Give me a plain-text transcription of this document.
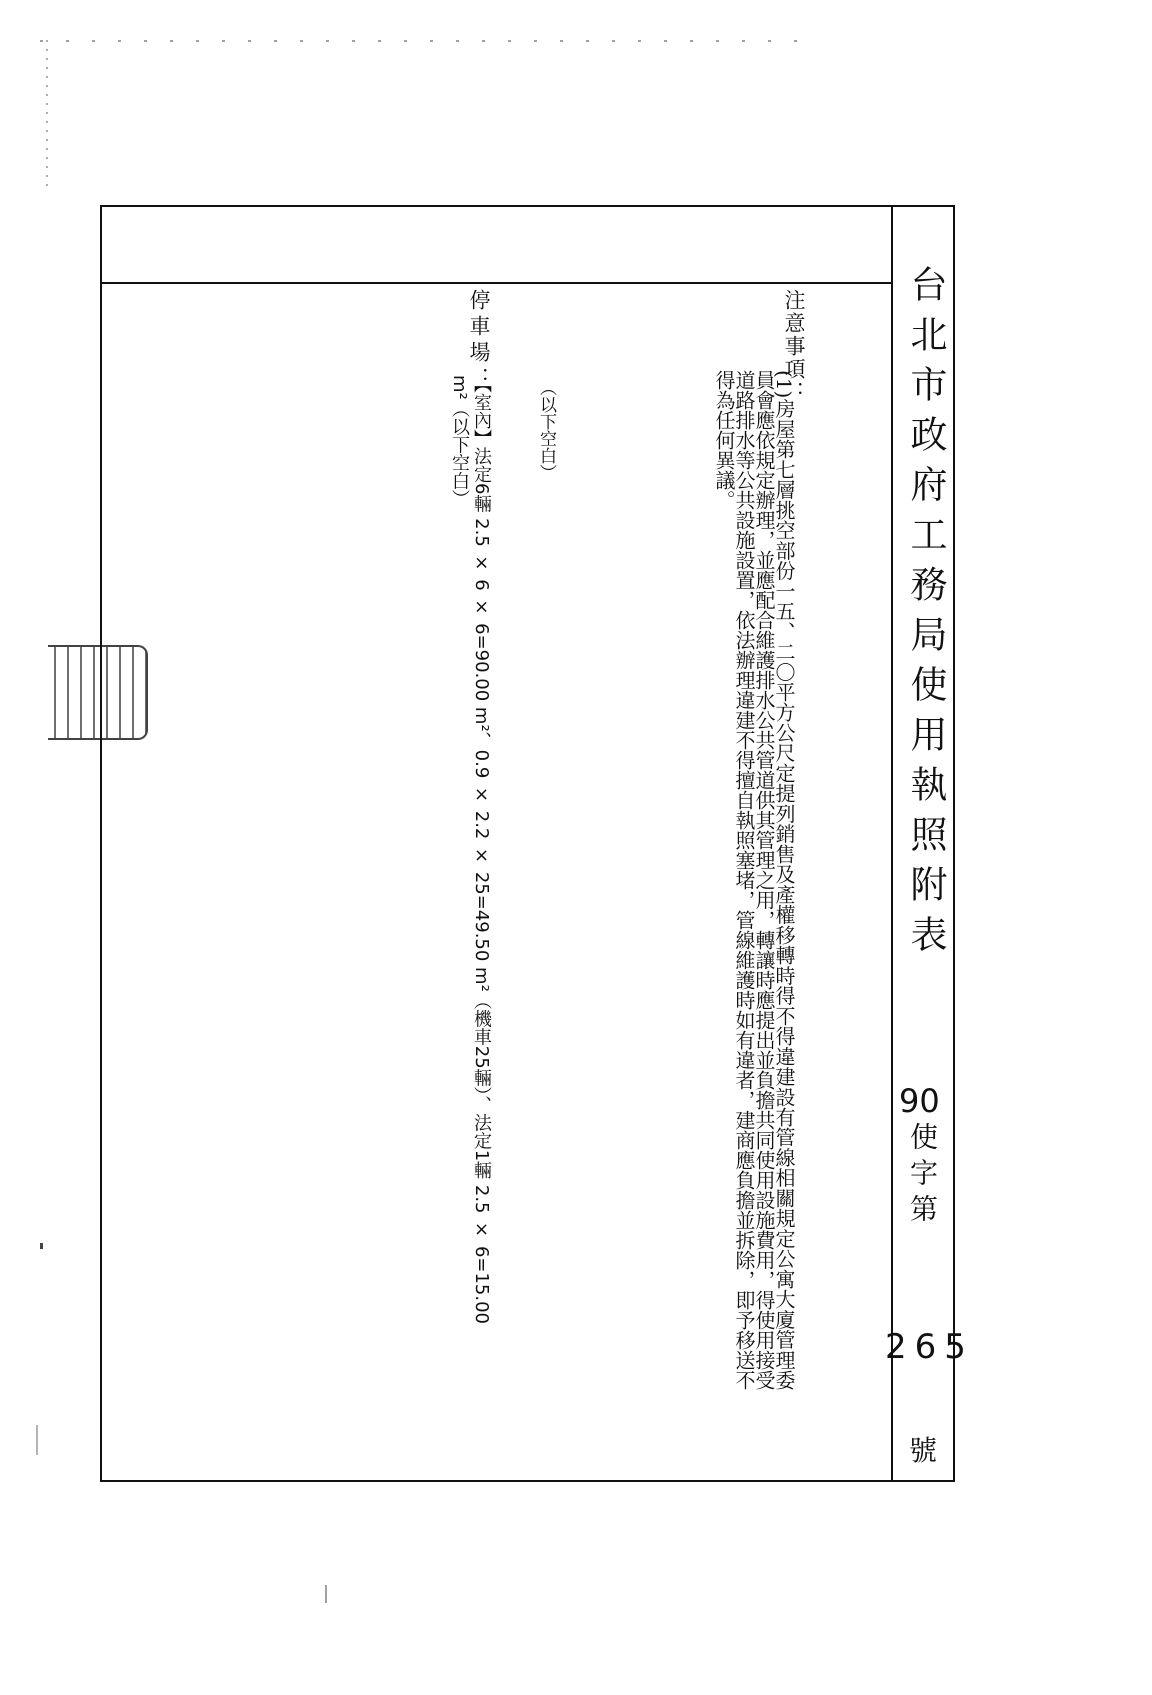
台北市政府工務局使用執照附表
90
使字第
265
號
注意事項：
(1)房屋第七層挑空部份一五、二〇平方公尺定提列銷售及產權移轉時得不得違建設有管線相關規定公寓大廈管理委員會應依規定辦理，並應配合維護排水公共管道供其管理之用，轉讓時應提出並負擔共同使用設施費用，得使用接受道路排水等公共設施設置，依法辦理違建不得擅自執照塞堵，管線維護時如有違者，建商應負擔並拆除，即予移送不得為任何異議。
（以下空白）
停車場：
【室內】法定6輛 2.5 × 6 × 6=90.00 m²、0.9 × 2.2 × 25=49.50 m²（機車25輛）、法定1輛 2.5 × 6=15.00
m²（以下空白）
